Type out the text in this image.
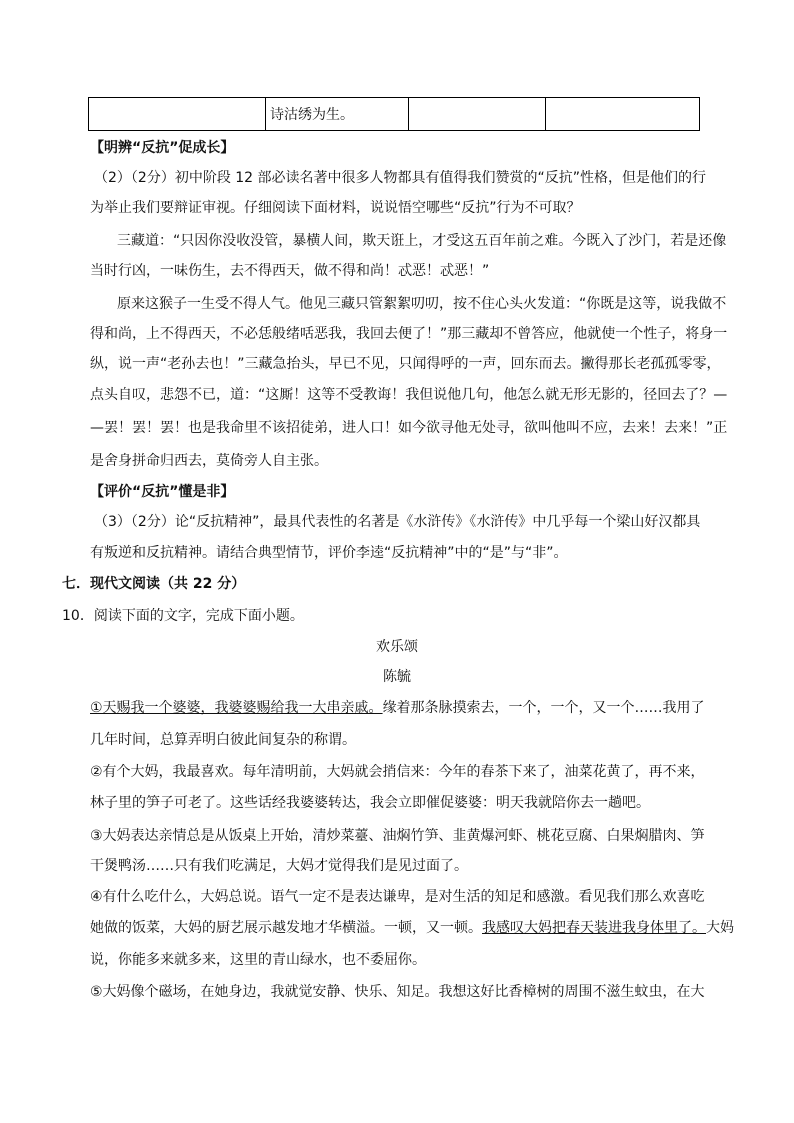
	诗沽绣为生。		
【明辨“反抗”促成长】
（2）（2分）初中阶段 12 部必读名著中很多人物都具有值得我们赞赏的“反抗”性格，但是他们的行
为举止我们要辩证审视。仔细阅读下面材料，说说悟空哪些“反抗”行为不可取？
三藏道：“只因你没收没管，暴横人间，欺天诳上，才受这五百年前之难。今既入了沙门，若是还像
当时行凶，一味伤生，去不得西天，做不得和尚！忒恶！忒恶！”
原来这猴子一生受不得人气。他见三藏只管絮絮叨叨，按不住心头火发道：“你既是这等，说我做不
得和尚，上不得西天，不必恁般绪咶恶我，我回去便了！”那三藏却不曾答应，他就使一个性子，将身一
纵，说一声“老孙去也！”三藏急抬头，早已不见，只闻得呼的一声，回东而去。撇得那长老孤孤零零，
点头自叹，悲怨不已，道：“这厮！这等不受教诲！我但说他几句，他怎么就无形无影的，径回去了？—
—罢！罢！罢！也是我命里不该招徒弟，进人口！如今欲寻他无处寻，欲叫他叫不应，去来！去来！”正
是舍身拼命归西去，莫倚旁人自主张。
【评价“反抗”懂是非】
（3）（2分）论“反抗精神”，最具代表性的名著是《水浒传》《水浒传》中几乎每一个梁山好汉都具
有叛逆和反抗精神。请结合典型情节，评价李逵“反抗精神”中的“是”与“非”。
七．现代文阅读（共 22 分）
10．阅读下面的文字，完成下面小题。
欢乐颂
陈毓
①天赐我一个婆婆，我婆婆赐给我一大串亲戚。缘着那条脉摸索去，一个，一个，又一个……我用了
几年时间，总算弄明白彼此间复杂的称谓。
②有个大妈，我最喜欢。每年清明前，大妈就会捎信来：今年的春茶下来了，油菜花黄了，再不来，
林子里的笋子可老了。这些话经我婆婆转达，我会立即催促婆婆：明天我就陪你去一趟吧。
③大妈表达亲情总是从饭桌上开始，清炒菜薹、油焖竹笋、韭黄爆河虾、桃花豆腐、白果焖腊肉、笋
干煲鸭汤……只有我们吃满足，大妈才觉得我们是见过面了。
④有什么吃什么，大妈总说。语气一定不是表达谦卑，是对生活的知足和感激。看见我们那么欢喜吃
她做的饭菜，大妈的厨艺展示越发地才华横溢。一顿，又一顿。我感叹大妈把春天装进我身体里了。大妈
说，你能多来就多来，这里的青山绿水，也不委屈你。
⑤大妈像个磁场，在她身边，我就觉安静、快乐、知足。我想这好比香樟树的周围不滋生蚊虫，在大
